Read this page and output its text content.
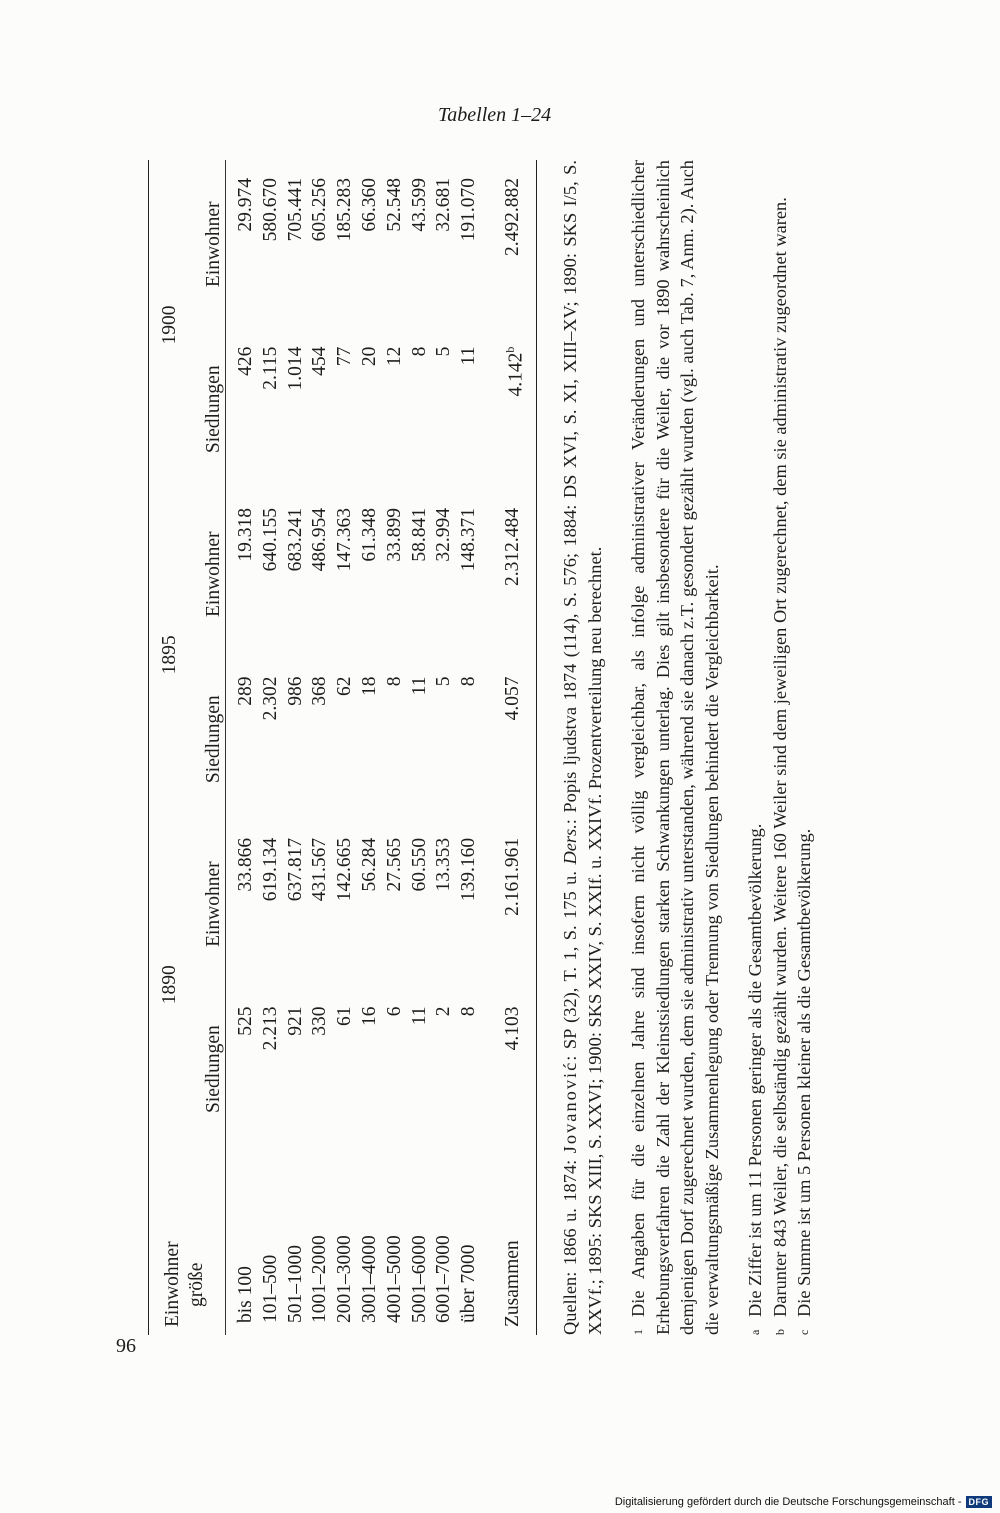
Tabellen 1–24
Einwohner größe	1890		1895		1900	
	Siedlungen	Einwohner	Siedlungen	Einwohner	Siedlungen	Einwohner

bis 100	525	33.866	289	19.318	426	29.974
101–500	2.213	619.134	2.302	640.155	2.115	580.670
501–1000	921	637.817	986	683.241	1.014	705.441
1001–2000	330	431.567	368	486.954	454	605.256
2001–3000	61	142.665	62	147.363	77	185.283
3001–4000	16	56.284	18	61.348	20	66.360
4001–5000	6	27.565	8	33.899	12	52.548
5001–6000	11	60.550	11	58.841	8	43.599
6001–7000	2	13.353	5	32.994	5	32.681
über 7000	8	139.160	8	148.371	11	191.070

Zusammen	4.103	2.161.961	4.057	2.312.484	4.142$^b$	2.492.882

Quellen: 1866 u. 1874: Jovanović: SP (32), T. 1, S. 175 u. Ders.: Popis ljudstva 1874 (114), S. 576; 1884: DS XVI, S. XI, XIII–XV; 1890: SKS I/5, S. XXVf.; 1895: SKS XIII, S. XXVI; 1900: SKS XXIV, S. XXIf. u. XXIVf. Prozentverteilung neu berechnet.	1Die Angaben für die einzelnen Jahre sind insofern nicht völlig vergleichbar, als infolge administrativer Veränderungen und unterschiedlicher Erhebungsverfahren die Zahl der Kleinstsiedlungen starken Schwankungen unterlag. Dies gilt insbesondere für die Weiler, die vor 1890 wahrscheinlich demjenigen Dorf zugerechnet wurden, dem sie administrativ unterstanden, während sie danach z.T. gesondert gezählt wurden (vgl. auch Tab. 7, Anm. 2). Auch die verwaltungsmäßige Zusammenlegung oder Trennung von Siedlungen behindert die Vergleichbarkeit.	aDie Ziffer ist um 11 Personen geringer als die Gesamtbevölkerung.

bDarunter 843 Weiler, die selbständig gezählt wurden. Weitere 160 Weiler sind dem jeweiligen Ort zugerechnet, dem sie administrativ zugeordnet waren.

cDie Summe ist um 5 Personen kleiner als die Gesamtbevölkerung.

96
Digitalisierung gefördert durch die Deutsche Forschungsgemeinschaft - DFG
